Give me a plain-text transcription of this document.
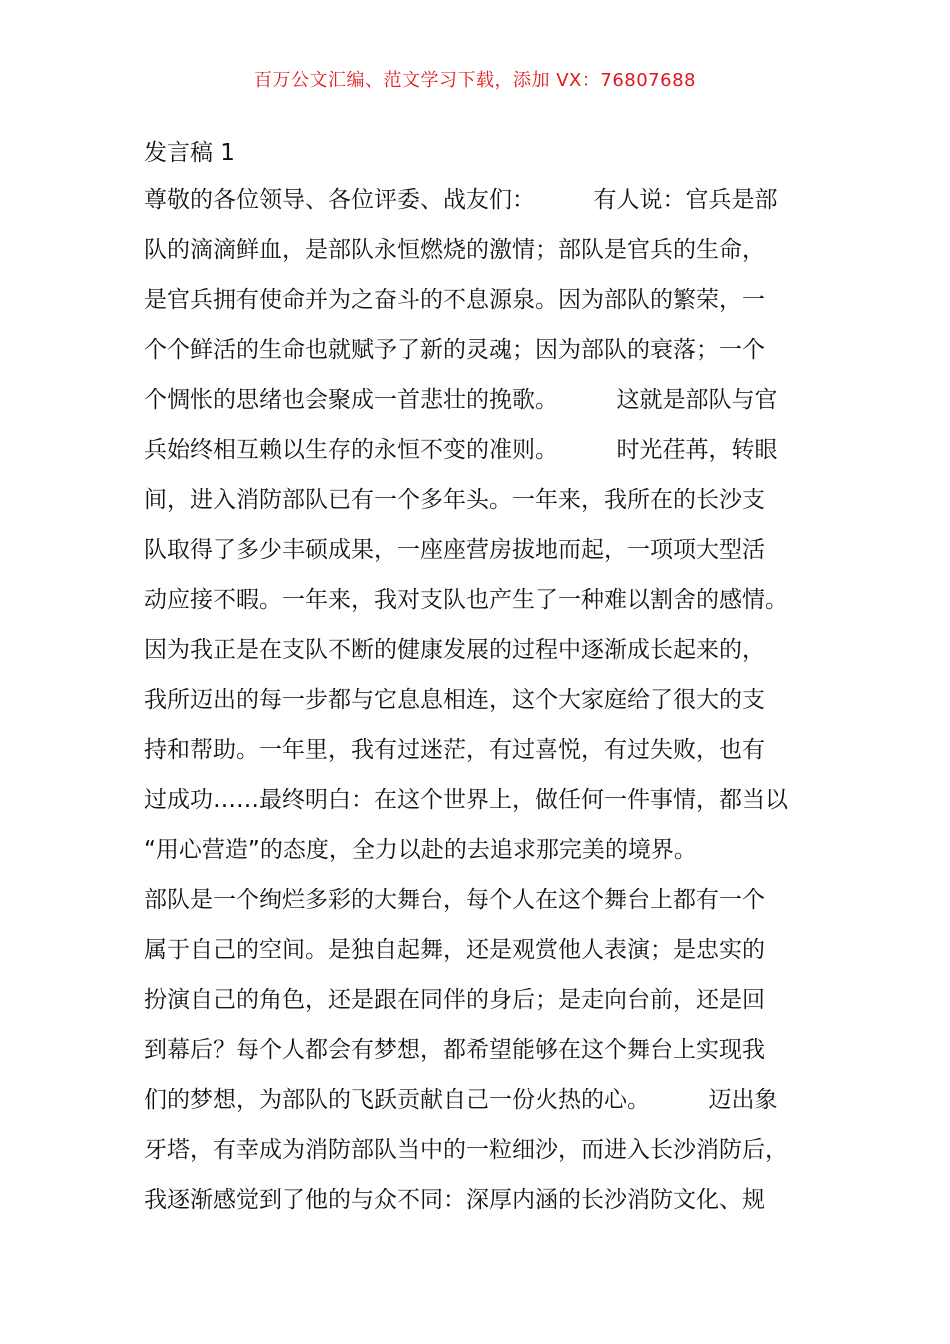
百万公文汇编、范文学习下载，添加 VX：76807688
发言稿 1
尊敬的各位领导、各位评委、战友们：        有人说：官兵是部
队的滴滴鲜血，是部队永恒燃烧的激情；部队是官兵的生命，
是官兵拥有使命并为之奋斗的不息源泉。因为部队的繁荣，一
个个鲜活的生命也就赋予了新的灵魂；因为部队的衰落；一个
个惆怅的思绪也会聚成一首悲壮的挽歌。        这就是部队与官
兵始终相互赖以生存的永恒不变的准则。        时光荏苒，转眼
间，进入消防部队已有一个多年头。一年来，我所在的长沙支
队取得了多少丰硕成果，一座座营房拔地而起，一项项大型活
动应接不暇。一年来，我对支队也产生了一种难以割舍的感情。
因为我正是在支队不断的健康发展的过程中逐渐成长起来的，
我所迈出的每一步都与它息息相连，这个大家庭给了很大的支
持和帮助。一年里，我有过迷茫，有过喜悦，有过失败，也有
过成功……最终明白：在这个世界上，做任何一件事情，都当以
“用心营造”的态度，全力以赴的去追求那完美的境界。
部队是一个绚烂多彩的大舞台，每个人在这个舞台上都有一个
属于自己的空间。是独自起舞，还是观赏他人表演；是忠实的
扮演自己的角色，还是跟在同伴的身后；是走向台前，还是回
到幕后？每个人都会有梦想，都希望能够在这个舞台上实现我
们的梦想，为部队的飞跃贡献自己一份火热的心。        迈出象
牙塔，有幸成为消防部队当中的一粒细沙，而进入长沙消防后，
我逐渐感觉到了他的与众不同：深厚内涵的长沙消防文化、规
